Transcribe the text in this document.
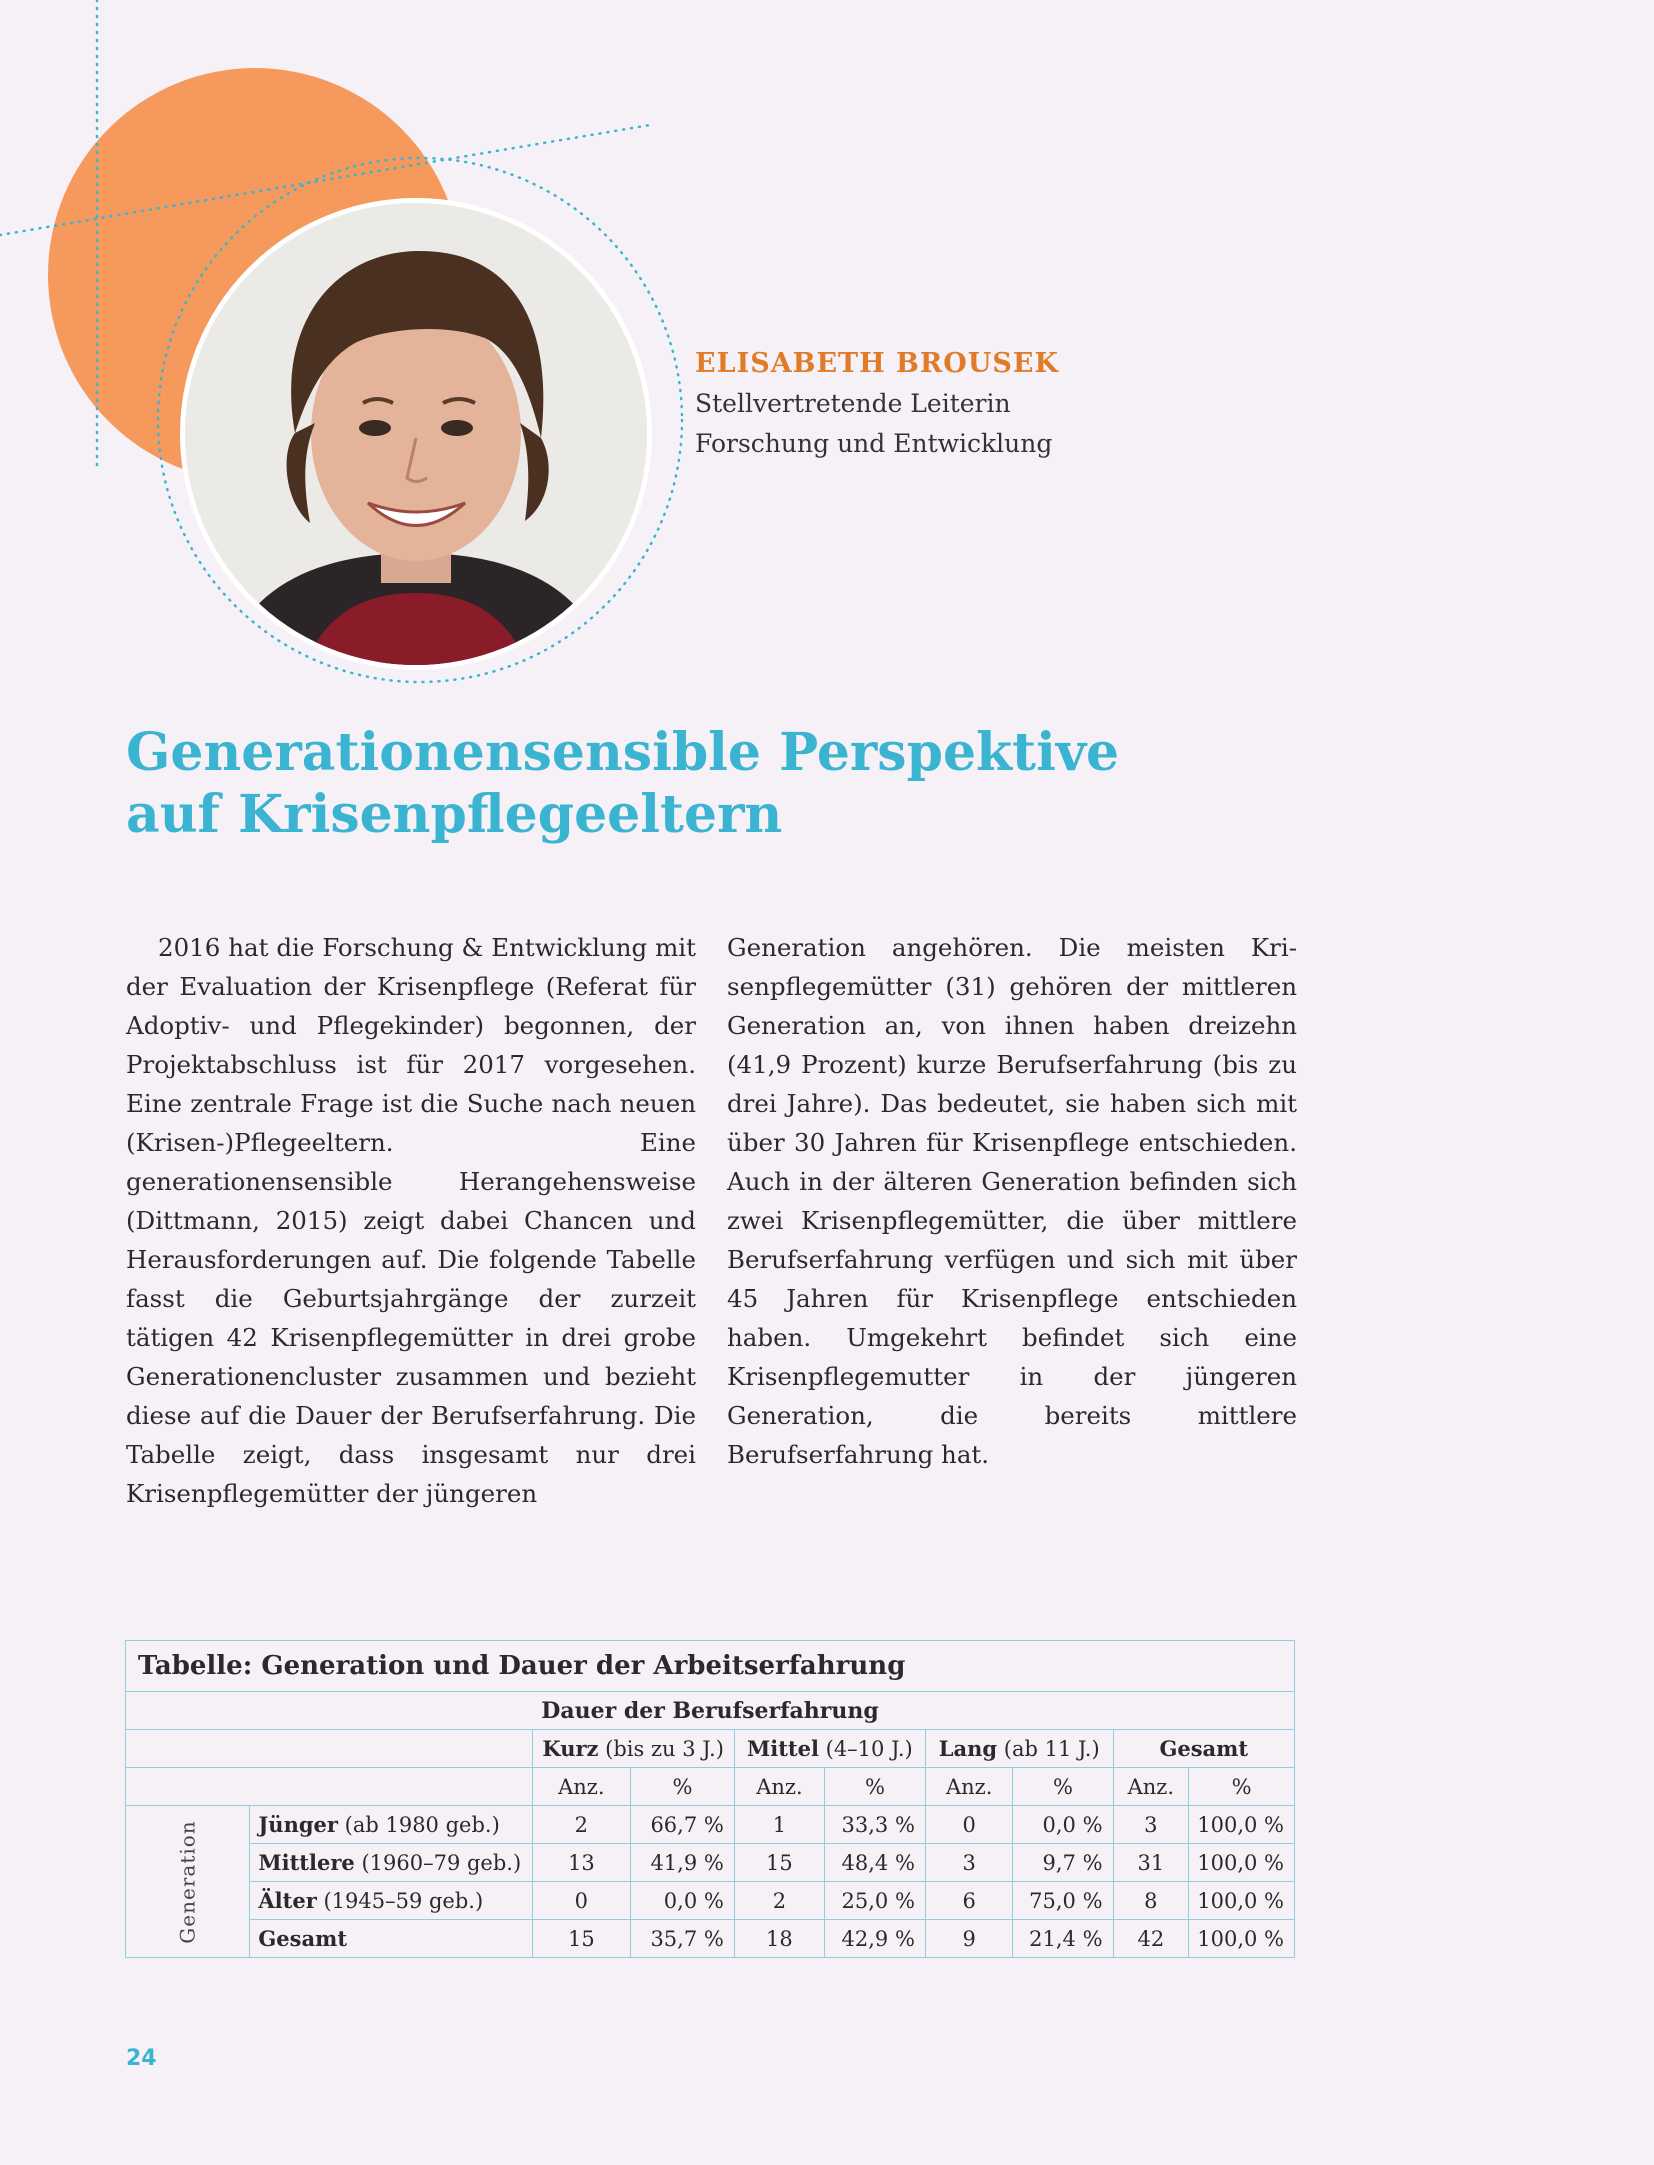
ELISABETH BROUSEK
Stellvertretende Leiterin
Forschung und Entwicklung
Generationensensible Perspektive
auf Krisenpflegeeltern
2016 hat die Forschung & Entwicklung mit der Evaluation der Krisenpflege (Referat für Adoptiv- und Pflegekinder) begonnen, der Projektabschluss ist für 2017 vorgesehen. Eine zentrale Frage ist die Suche nach neuen (Krisen-)Pflegeeltern. Eine generationensensible Herangehensweise (Dittmann, 2015) zeigt dabei Chancen und Herausforderungen auf. Die folgende Tabelle fasst die Geburtsjahrgänge der zurzeit tätigen 42 Krisenpflegemütter in drei grobe Generationencluster zusammen und bezieht diese auf die Dauer der Berufserfahrung. Die Tabelle zeigt, dass insgesamt nur drei Krisenpflegemütter der jüngeren
Generation angehören. Die meisten Krisenpflegemütter (31) gehören der mittleren Generation an, von ihnen haben dreizehn (41,9 Prozent) kurze Berufserfahrung (bis zu drei Jahre). Das bedeutet, sie haben sich mit über 30 Jahren für Krisenpflege entschieden. Auch in der älteren Generation befinden sich zwei Krisenpflegemütter, die über mittlere Berufserfahrung verfügen und sich mit über 45 Jahren für Krisenpflege entschieden haben. Umgekehrt befindet sich eine Krisenpflegemutter in der jüngeren Generation, die bereits mittlere Berufserfahrung hat.
Tabelle: Generation und Dauer der Arbeitserfahrung									
Dauer der Berufserfahrung									
		Kurz (bis zu 3 J.)		Mittel (4–10 J.)		Lang (ab 11 J.)		Gesamt	
		Anz.	%	Anz.	%	Anz.	%	Anz.	%
Generation	Jünger (ab 1980 geb.)	2	66,7 %	1	33,3 %	0	0,0 %	3	100,0 %
	Mittlere (1960–79 geb.)	13	41,9 %	15	48,4 %	3	9,7 %	31	100,0 %
	Älter (1945–59 geb.)	0	0,0 %	2	25,0 %	6	75,0 %	8	100,0 %
	Gesamt	15	35,7 %	18	42,9 %	9	21,4 %	42	100,0 %
24
